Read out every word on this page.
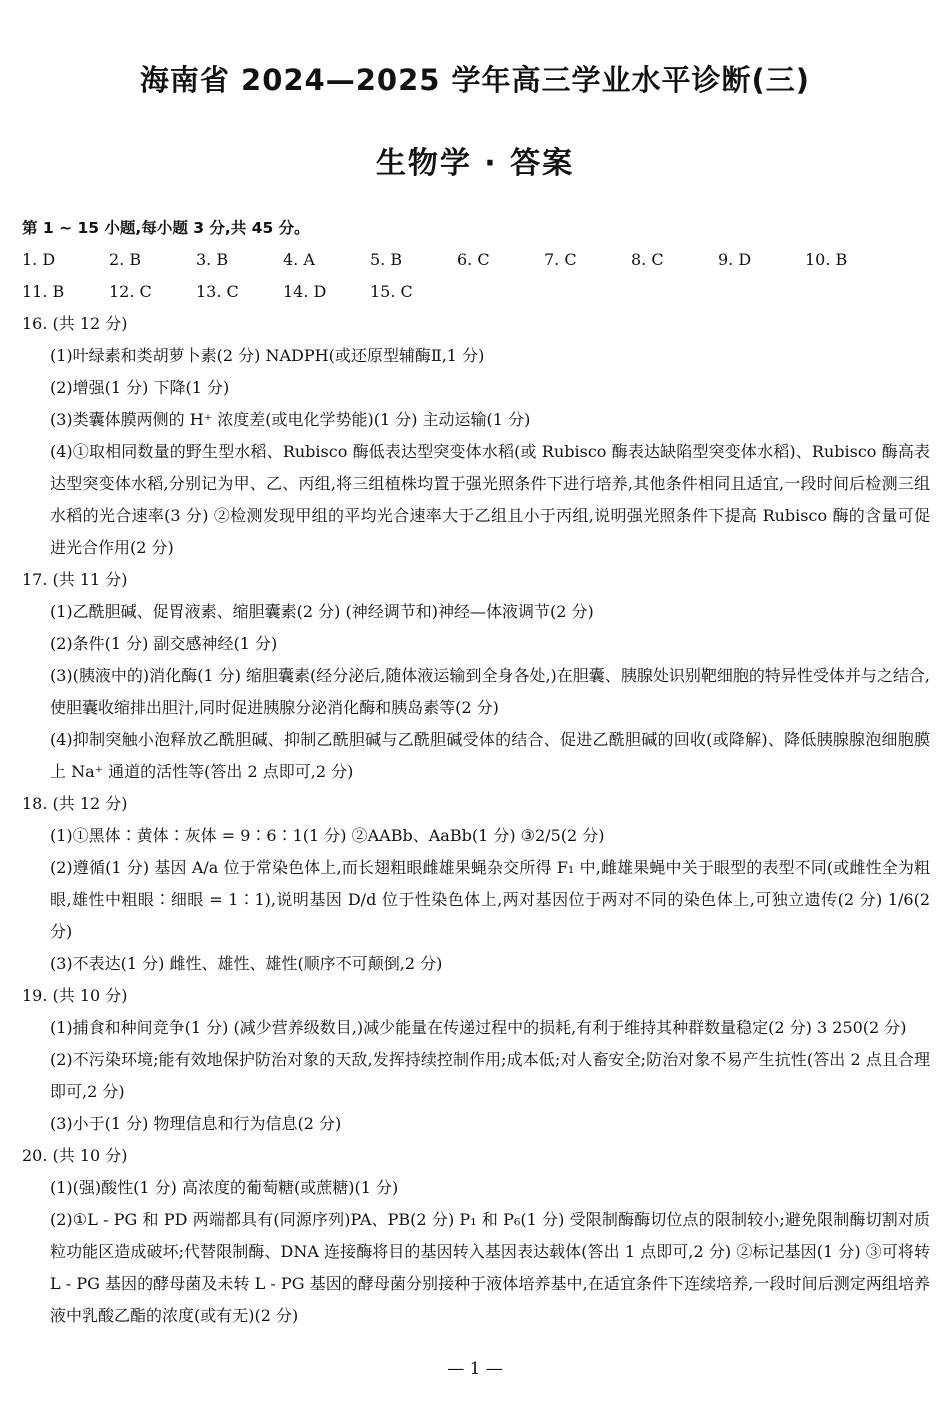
海南省 2024—2025 学年高三学业水平诊断(三)
生物学 · 答案
第 1 ~ 15 小题,每小题 3 分,共 45 分。
1. D	2. B	3. B	4. A	5. B	6. C	7. C	8. C	9. D	10. B
11. B	12. C	13. C	14. D	15. C
16. (共 12 分)
(1)叶绿素和类胡萝卜素(2 分) NADPH(或还原型辅酶Ⅱ,1 分)
(2)增强(1 分) 下降(1 分)
(3)类囊体膜两侧的 H⁺ 浓度差(或电化学势能)(1 分) 主动运输(1 分)
(4)①取相同数量的野生型水稻、Rubisco 酶低表达型突变体水稻(或 Rubisco 酶表达缺陷型突变体水稻)、Rubisco 酶高表达型突变体水稻,分别记为甲、乙、丙组,将三组植株均置于强光照条件下进行培养,其他条件相同且适宜,一段时间后检测三组水稻的光合速率(3 分) ②检测发现甲组的平均光合速率大于乙组且小于丙组,说明强光照条件下提高 Rubisco 酶的含量可促进光合作用(2 分)
17. (共 11 分)
(1)乙酰胆碱、促胃液素、缩胆囊素(2 分) (神经调节和)神经—体液调节(2 分)
(2)条件(1 分) 副交感神经(1 分)
(3)(胰液中的)消化酶(1 分) 缩胆囊素(经分泌后,随体液运输到全身各处,)在胆囊、胰腺处识别靶细胞的特异性受体并与之结合,使胆囊收缩排出胆汁,同时促进胰腺分泌消化酶和胰岛素等(2 分)
(4)抑制突触小泡释放乙酰胆碱、抑制乙酰胆碱与乙酰胆碱受体的结合、促进乙酰胆碱的回收(或降解)、降低胰腺腺泡细胞膜上 Na⁺ 通道的活性等(答出 2 点即可,2 分)
18. (共 12 分)
(1)①黑体∶黄体∶灰体 = 9∶6∶1(1 分) ②AABb、AaBb(1 分) ③2/5(2 分)
(2)遵循(1 分) 基因 A/a 位于常染色体上,而长翅粗眼雌雄果蝇杂交所得 F₁ 中,雌雄果蝇中关于眼型的表型不同(或雌性全为粗眼,雄性中粗眼∶细眼 = 1∶1),说明基因 D/d 位于性染色体上,两对基因位于两对不同的染色体上,可独立遗传(2 分) 1/6(2 分)
(3)不表达(1 分) 雌性、雄性、雄性(顺序不可颠倒,2 分)
19. (共 10 分)
(1)捕食和种间竞争(1 分) (减少营养级数目,)减少能量在传递过程中的损耗,有利于维持其种群数量稳定(2 分) 3 250(2 分)
(2)不污染环境;能有效地保护防治对象的天敌,发挥持续控制作用;成本低;对人畜安全;防治对象不易产生抗性(答出 2 点且合理即可,2 分)
(3)小于(1 分) 物理信息和行为信息(2 分)
20. (共 10 分)
(1)(强)酸性(1 分) 高浓度的葡萄糖(或蔗糖)(1 分)
(2)①L - PG 和 PD 两端都具有(同源序列)PA、PB(2 分) P₁ 和 P₆(1 分) 受限制酶酶切位点的限制较小;避免限制酶切割对质粒功能区造成破坏;代替限制酶、DNA 连接酶将目的基因转入基因表达载体(答出 1 点即可,2 分) ②标记基因(1 分) ③可将转 L - PG 基因的酵母菌及未转 L - PG 基因的酵母菌分别接种于液体培养基中,在适宜条件下连续培养,一段时间后测定两组培养液中乳酸乙酯的浓度(或有无)(2 分)
— 1 —
